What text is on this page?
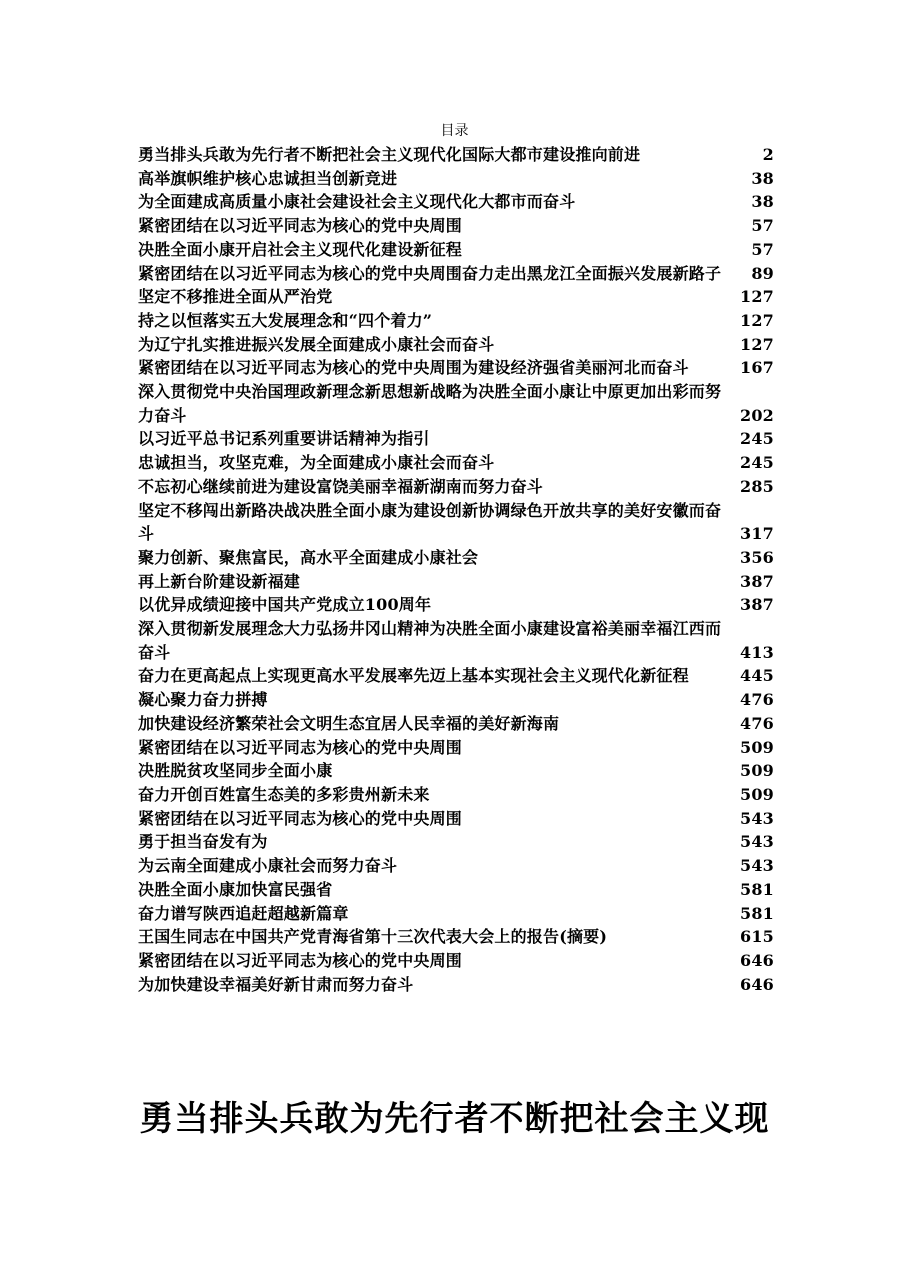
目录
勇当排头兵敢为先行者不断把社会主义现代化国际大都市建设推向前进	2
高举旗帜维护核心忠诚担当创新竞进	38
为全面建成高质量小康社会建设社会主义现代化大都市而奋斗	38
紧密团结在以习近平同志为核心的党中央周围	57
决胜全面小康开启社会主义现代化建设新征程	57
紧密团结在以习近平同志为核心的党中央周围奋力走出黑龙江全面振兴发展新路子	89
坚定不移推进全面从严治党	127
持之以恒落实五大发展理念和“四个着力”	127
为辽宁扎实推进振兴发展全面建成小康社会而奋斗	127
紧密团结在以习近平同志为核心的党中央周围为建设经济强省美丽河北而奋斗	167
深入贯彻党中央治国理政新理念新思想新战略为决胜全面小康让中原更加出彩而努力奋斗	202
以习近平总书记系列重要讲话精神为指引	245
忠诚担当，攻坚克难，为全面建成小康社会而奋斗	245
不忘初心继续前进为建设富饶美丽幸福新湖南而努力奋斗	285
坚定不移闯出新路决战决胜全面小康为建设创新协调绿色开放共享的美好安徽而奋斗	317
聚力创新、聚焦富民，高水平全面建成小康社会	356
再上新台阶建设新福建	387
以优异成绩迎接中国共产党成立100周年	387
深入贯彻新发展理念大力弘扬井冈山精神为决胜全面小康建设富裕美丽幸福江西而奋斗	413
奋力在更高起点上实现更高水平发展率先迈上基本实现社会主义现代化新征程	445
凝心聚力奋力拼搏	476
加快建设经济繁荣社会文明生态宜居人民幸福的美好新海南	476
紧密团结在以习近平同志为核心的党中央周围	509
决胜脱贫攻坚同步全面小康	509
奋力开创百姓富生态美的多彩贵州新未来	509
紧密团结在以习近平同志为核心的党中央周围	543
勇于担当奋发有为	543
为云南全面建成小康社会而努力奋斗	543
决胜全面小康加快富民强省	581
奋力谱写陕西追赶超越新篇章	581
王国生同志在中国共产党青海省第十三次代表大会上的报告(摘要)	615
紧密团结在以习近平同志为核心的党中央周围	646
为加快建设幸福美好新甘肃而努力奋斗	646
勇当排头兵敢为先行者不断把社会主义现
